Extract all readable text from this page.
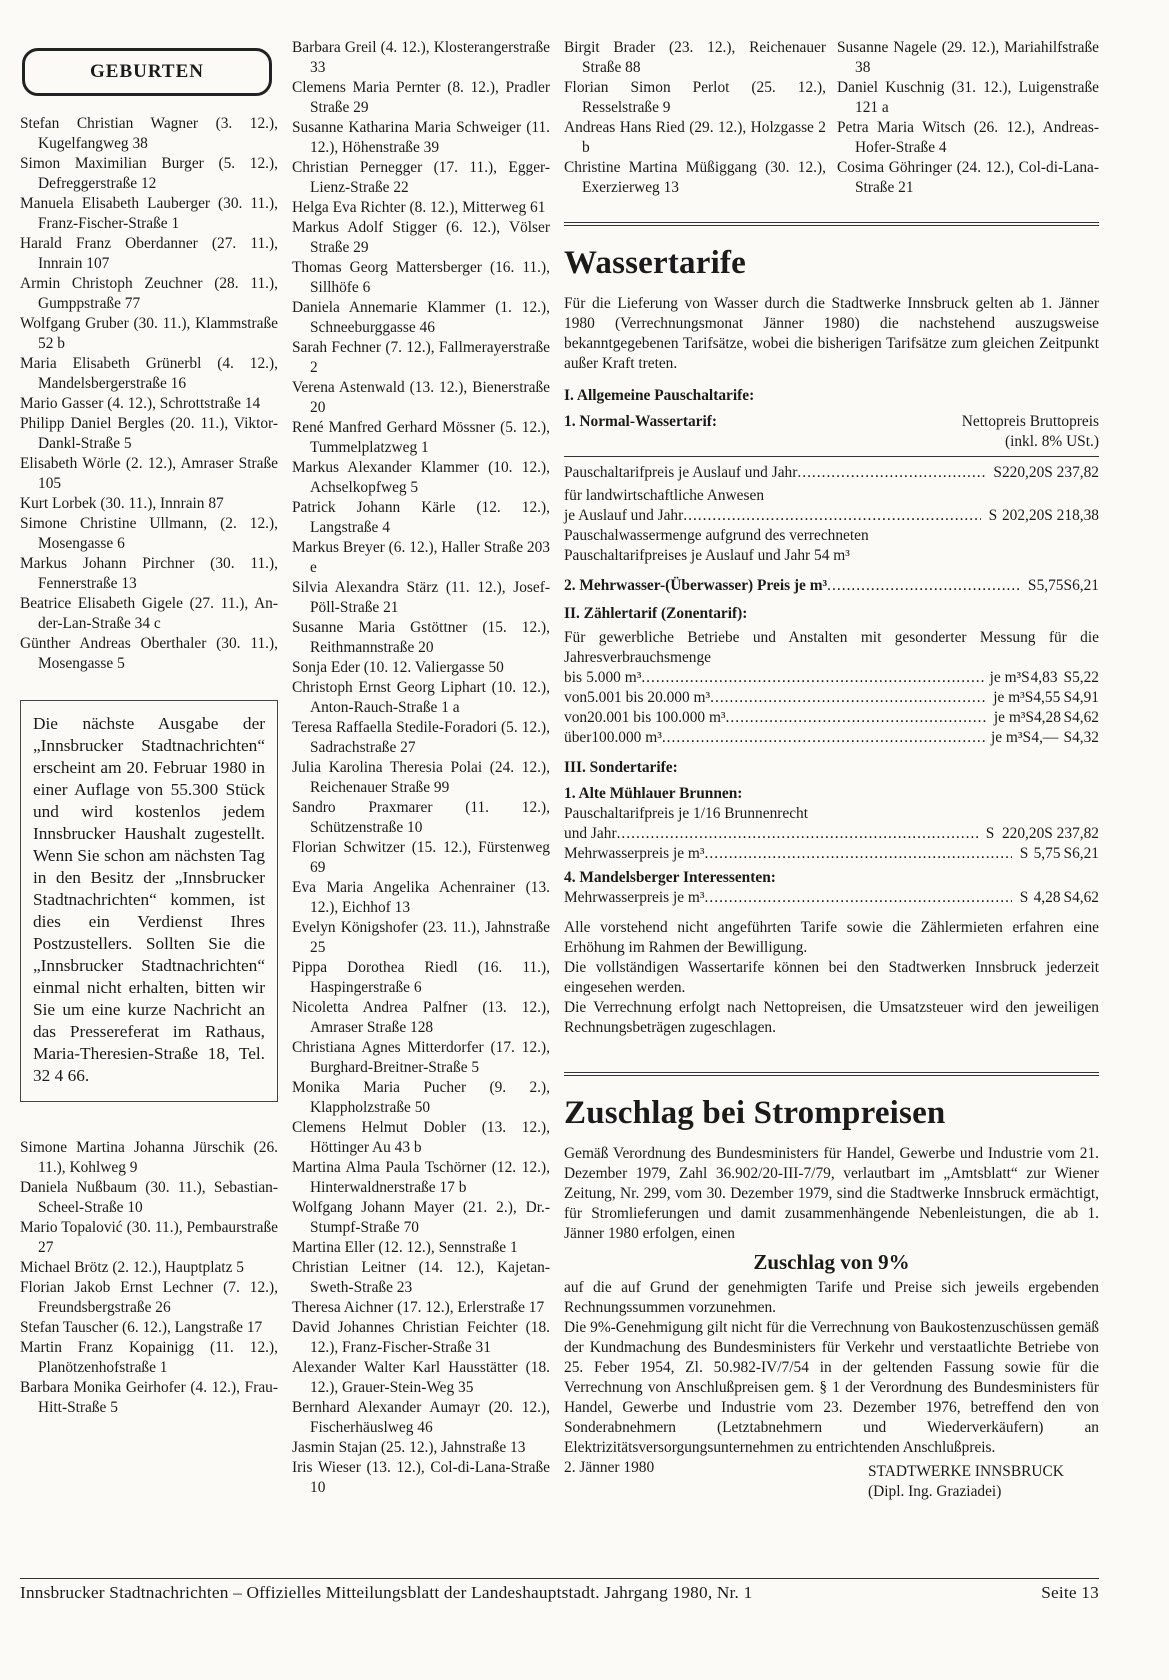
GEBURTEN
Stefan Christian Wagner (3. 12.), Kugelfangweg 38
Simon Maximilian Burger (5. 12.), Defreggerstraße 12
Manuela Elisabeth Lauberger (30. 11.), Franz-Fischer-Straße 1
Harald Franz Oberdanner (27. 11.), Innrain 107
Armin Christoph Zeuchner (28. 11.), Gumppstraße 77
Wolfgang Gruber (30. 11.), Klammstraße 52 b
Maria Elisabeth Grünerbl (4. 12.), Mandelsbergerstraße 16
Mario Gasser (4. 12.), Schrottstraße 14
Philipp Daniel Bergles (20. 11.), Viktor-Dankl-Straße 5
Elisabeth Wörle (2. 12.), Amraser Straße 105
Kurt Lorbek (30. 11.), Innrain 87
Simone Christine Ullmann, (2. 12.), Mosengasse 6
Markus Johann Pirchner (30. 11.), Fennerstraße 13
Beatrice Elisabeth Gigele (27. 11.), An-der-Lan-Straße 34 c
Günther Andreas Oberthaler (30. 11.), Mosengasse 5
Die nächste Ausgabe der „Innsbrucker Stadtnachrichten“ erscheint am 20. Februar 1980 in einer Auflage von 55.300 Stück und wird kostenlos jedem Innsbrucker Haushalt zugestellt. Wenn Sie schon am nächsten Tag in den Besitz der „Innsbrucker Stadtnachrichten“ kommen, ist dies ein Verdienst Ihres Postzustellers. Sollten Sie die „Innsbrucker Stadtnachrichten“ einmal nicht erhalten, bitten wir Sie um eine kurze Nachricht an das Pressereferat im Rathaus, Maria-Theresien-Straße 18, Tel. 32 4 66.
Simone Martina Johanna Jürschik (26. 11.), Kohlweg 9
Daniela Nußbaum (30. 11.), Sebastian-Scheel-Straße 10
Mario Topalović (30. 11.), Pembaurstraße 27
Michael Brötz (2. 12.), Hauptplatz 5
Florian Jakob Ernst Lechner (7. 12.), Freundsbergstraße 26
Stefan Tauscher (6. 12.), Langstraße 17
Martin Franz Kopainigg (11. 12.), Planötzenhofstraße 1
Barbara Monika Geirhofer (4. 12.), Frau-Hitt-Straße 5
Barbara Greil (4. 12.), Klosterangerstraße 33
Clemens Maria Pernter (8. 12.), Pradler Straße 29
Susanne Katharina Maria Schweiger (11. 12.), Höhenstraße 39
Christian Pernegger (17. 11.), Egger-Lienz-Straße 22
Helga Eva Richter (8. 12.), Mitterweg 61
Markus Adolf Stigger (6. 12.), Völser Straße 29
Thomas Georg Mattersberger (16. 11.), Sillhöfe 6
Daniela Annemarie Klammer (1. 12.), Schneeburggasse 46
Sarah Fechner (7. 12.), Fallmerayerstraße 2
Verena Astenwald (13. 12.), Bienerstraße 20
René Manfred Gerhard Mössner (5. 12.), Tummelplatzweg 1
Markus Alexander Klammer (10. 12.), Achselkopfweg 5
Patrick Johann Kärle (12. 12.), Langstraße 4
Markus Breyer (6. 12.), Haller Straße 203 e
Silvia Alexandra Stärz (11. 12.), Josef-Pöll-Straße 21
Susanne Maria Gstöttner (15. 12.), Reithmannstraße 20
Sonja Eder (10. 12. Valiergasse 50
Christoph Ernst Georg Liphart (10. 12.), Anton-Rauch-Straße 1 a
Teresa Raffaella Stedile-Foradori (5. 12.), Sadrachstraße 27
Julia Karolina Theresia Polai (24. 12.), Reichenauer Straße 99
Sandro Praxmarer (11. 12.), Schützenstraße 10
Florian Schwitzer (15. 12.), Fürstenweg 69
Eva Maria Angelika Achenrainer (13. 12.), Eichhof 13
Evelyn Königshofer (23. 11.), Jahnstraße 25
Pippa Dorothea Riedl (16. 11.), Haspingerstraße 6
Nicoletta Andrea Palfner (13. 12.), Amraser Straße 128
Christiana Agnes Mitterdorfer (17. 12.), Burghard-Breitner-Straße 5
Monika Maria Pucher (9. 2.), Klappholzstraße 50
Clemens Helmut Dobler (13. 12.), Höttinger Au 43 b
Martina Alma Paula Tschörner (12. 12.), Hinterwaldnerstraße 17 b
Wolfgang Johann Mayer (21. 2.), Dr.-Stumpf-Straße 70
Martina Eller (12. 12.), Sennstraße 1
Christian Leitner (14. 12.), Kajetan-Sweth-Straße 23
Theresa Aichner (17. 12.), Erlerstraße 17
David Johannes Christian Feichter (18. 12.), Franz-Fischer-Straße 31
Alexander Walter Karl Hausstätter (18. 12.), Grauer-Stein-Weg 35
Bernhard Alexander Aumayr (20. 12.), Fischerhäuslweg 46
Jasmin Stajan (25. 12.), Jahnstraße 13
Iris Wieser (13. 12.), Col-di-Lana-Straße 10
Birgit Brader (23. 12.), Reichenauer Straße 88
Florian Simon Perlot (25. 12.), Resselstraße 9
Andreas Hans Ried (29. 12.), Holzgasse 2 b
Christine Martina Müßiggang (30. 12.), Exerzierweg 13
Susanne Nagele (29. 12.), Mariahilfstraße 38
Daniel Kuschnig (31. 12.), Luigenstraße 121 a
Petra Maria Witsch (26. 12.), Andreas-Hofer-Straße 4
Cosima Göhringer (24. 12.), Col-di-Lana-Straße 21
Wassertarife

Für die Lieferung von Wasser durch die Stadtwerke Innsbruck gelten ab 1. Jänner 1980 (Verrechnungsmonat Jänner 1980) die nachstehend auszugsweise bekanntgegebenen Tarifsätze, wobei die bisherigen Tarifsätze zum gleichen Zeitpunkt außer Kraft treten.

I. Allgemeine Pauschaltarife:
1. Normal-Wassertarif:	Nettopreis Bruttopreis
(inkl. 8% USt.)
Pauschaltarifpreis je Auslauf und Jahr .....	S 220,20 S 237,82
für landwirtschaftliche Anwesen
je Auslauf und Jahr .....	S 202,20 S 218,38
Pauschalwassermenge aufgrund des verrechneten
Pauschaltarifpreises je Auslauf und Jahr 54 m³
2. Mehrwasser-(Überwasser) Preis je m³ .....	S 5,75 S 6,21
II. Zählertarif (Zonentarif):

Für gewerbliche Betriebe und Anstalten mit gesonderter Messung für die Jahresverbrauchsmenge

bis 5.000 m³ .....	je m³ S 4,83 S 5,22
von 5.001 bis 20.000 m³ .....	je m³ S 4,55 S 4,91
von 20.001 bis 100.000 m³ .....	je m³ S 4,28 S 4,62
über 100.000 m³ .....	je m³ S 4,— S 4,32
III. Sondertarife:
1. Alte Mühlauer Brunnen:
Pauschaltarifpreis je 1/16 Brunnenrecht
und Jahr .....	S 220,20 S 237,82
Mehrwasserpreis je m³ .....	S 5,75 S 6,21
4. Mandelsberger Interessenten:
Mehrwasserpreis je m³ .....	S 4,28 S 4,62

Alle vorstehend nicht angeführten Tarife sowie die Zählermieten erfahren eine Erhöhung im Rahmen der Bewilligung.

Die vollständigen Wassertarife können bei den Stadtwerken Innsbruck jederzeit eingesehen werden.

Die Verrechnung erfolgt nach Nettopreisen, die Umsatzsteuer wird den jeweiligen Rechnungsbeträgen zugeschlagen.

Zuschlag bei Strompreisen

Gemäß Verordnung des Bundesministers für Handel, Gewerbe und Industrie vom 21. Dezember 1979, Zahl 36.902/20-III-7/79, verlautbart im „Amtsblatt“ zur Wiener Zeitung, Nr. 299, vom 30. Dezember 1979, sind die Stadtwerke Innsbruck ermächtigt, für Stromlieferungen und damit zusammenhängende Nebenleistungen, die ab 1. Jänner 1980 erfolgen, einen

Zuschlag von 9%

auf die auf Grund der genehmigten Tarife und Preise sich jeweils ergebenden Rechnungssummen vorzunehmen.

Die 9%-Genehmigung gilt nicht für die Verrechnung von Baukostenzuschüssen gemäß der Kundmachung des Bundesministers für Verkehr und verstaatlichte Betriebe von 25. Feber 1954, Zl. 50.982-IV/7/54 in der geltenden Fassung sowie für die Verrechnung von Anschlußpreisen gem. § 1 der Verordnung des Bundesministers für Handel, Gewerbe und Industrie vom 23. Dezember 1976, betreffend den von Sonderabnehmern (Letztabnehmern und Wiederverkäufern) an Elektrizitätsversorgungsunternehmen zu entrichtenden Anschlußpreis.

2. Jänner 1980	STADTWERKE INNSBRUCK
(Dipl. Ing. Graziadei)
Innsbrucker Stadtnachrichten – Offizielles Mitteilungsblatt der Landeshauptstadt. Jahrgang 1980, Nr. 1	Seite 13
